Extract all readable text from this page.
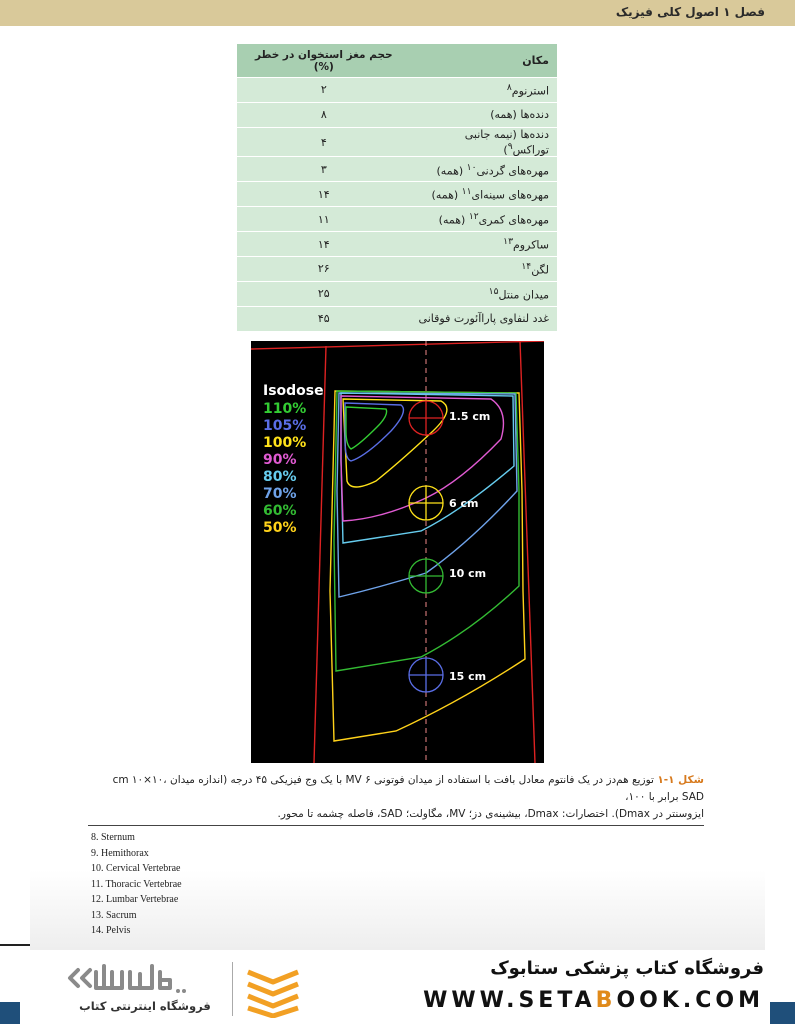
فصل ۱ اصول کلی فیزیک
مکان	حجم مغز استخوان در خطر (%)
استرنوم$^۸$	۲
دنده‌ها (همه)	۸
دنده‌ها (نیمه جانبی توراکس$^۹$)	۴
مهره‌های گردنی$^{۱۰}$ (همه)	۳
مهره‌های سینه‌ای$^{۱۱}$ (همه)	۱۴
مهره‌های کمری$^{۱۲}$ (همه)	۱۱
ساکروم$^{۱۳}$	۱۴
لگن$^{۱۴}$	۲۶
میدان منتل$^{۱۵}$	۲۵
غدد لنفاوی پاراآئورت فوقانی	۴۵
1.5 cm
6 cm
10 cm
15 cm
Isodose
110%
105%
100%
90%
80%
70%
60%
50%
شکل ۱-۱ توزیع هم‌دز در یک فانتوم معادل بافت با استفاده از میدان فوتونی ۶ MV با یک وج فیزیکی ۴۵ درجه (اندازه میدان cm ۱۰×۱۰، SAD برابر با ۱۰۰،
ایزوسنتر در Dmax). اختصارات: Dmax، بیشینه‌ی دز؛ MV، مگاولت؛ SAD، فاصله چشمه تا محور.
8. Sternum
9. Hemithorax
10. Cervical Vertebrae
11. Thoracic Vertebrae
12. Lumbar Vertebrae
13. Sacrum
14. Pelvis
فروشگاه اینترنتی کتاب
فروشگاه کتاب پزشکی ستابوک
WWW.SETABOOK.COM
